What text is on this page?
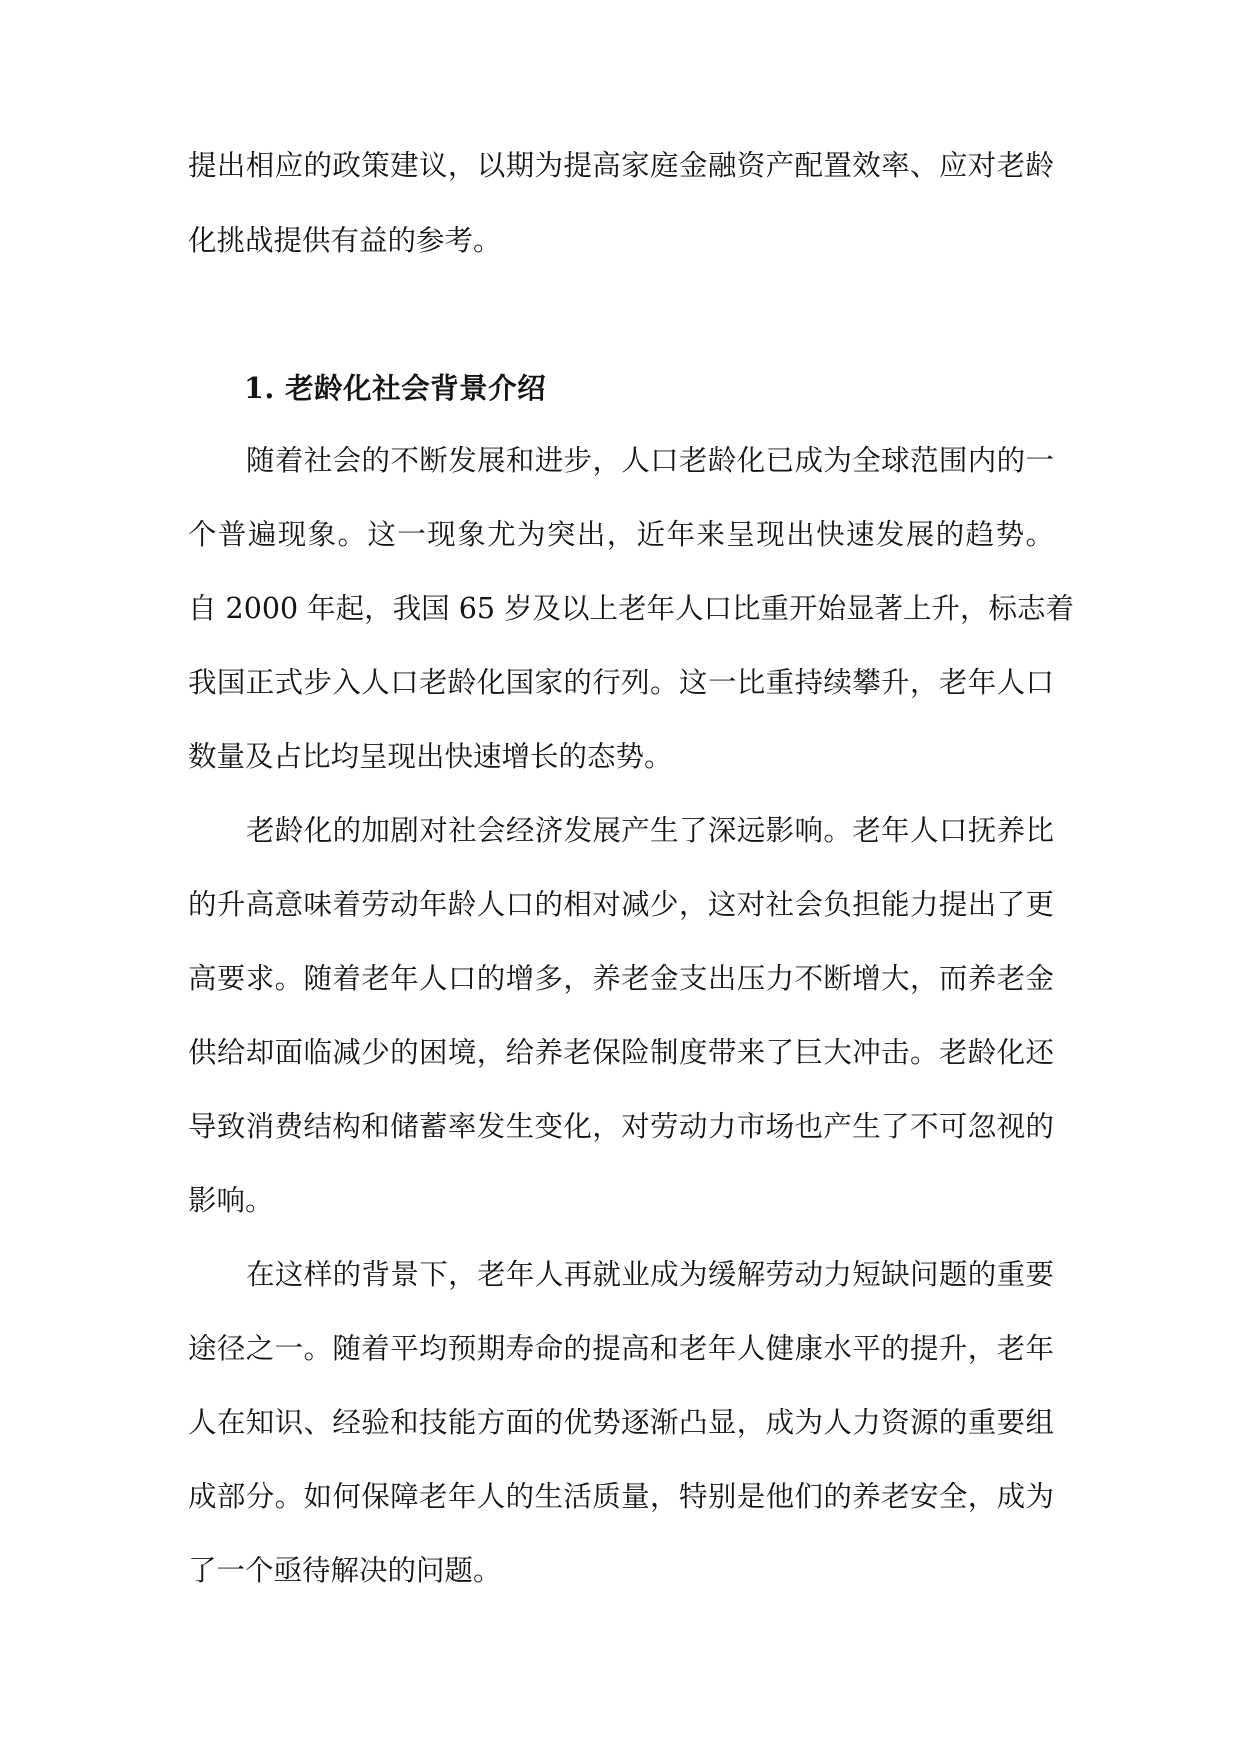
提出相应的政策建议，以期为提高家庭金融资产配置效率、应对老龄
化挑战提供有益的参考。
1. 老龄化社会背景介绍
随着社会的不断发展和进步，人口老龄化已成为全球范围内的一
个普遍现象。这一现象尤为突出，近年来呈现出快速发展的趋势。
自 2000 年起，我国 65 岁及以上老年人口比重开始显著上升，标志着
我国正式步入人口老龄化国家的行列。这一比重持续攀升，老年人口
数量及占比均呈现出快速增长的态势。
老龄化的加剧对社会经济发展产生了深远影响。老年人口抚养比
的升高意味着劳动年龄人口的相对减少，这对社会负担能力提出了更
高要求。随着老年人口的增多，养老金支出压力不断增大，而养老金
供给却面临减少的困境，给养老保险制度带来了巨大冲击。老龄化还
导致消费结构和储蓄率发生变化，对劳动力市场也产生了不可忽视的
影响。
在这样的背景下，老年人再就业成为缓解劳动力短缺问题的重要
途径之一。随着平均预期寿命的提高和老年人健康水平的提升，老年
人在知识、经验和技能方面的优势逐渐凸显，成为人力资源的重要组
成部分。如何保障老年人的生活质量，特别是他们的养老安全，成为
了一个亟待解决的问题。
